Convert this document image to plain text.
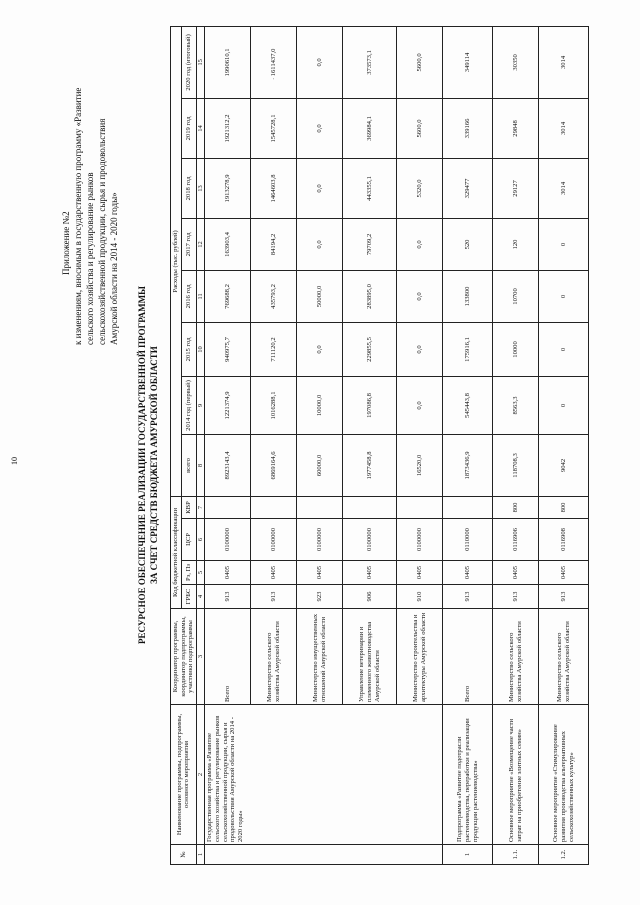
10
·
Приложение №2 к изменениям, вносимым в государственную программу «Развитие сельского хозяйства и регулирование рынков сельскохозяйственной продукции, сырья и продовольствия Амурской области на 2014 - 2020 годы»
РЕСУРСНОЕ ОБЕСПЕЧЕНИЕ РЕАЛИЗАЦИИ ГОСУДАРСТВЕННОЙ ПРОГРАММЫ ЗА СЧЕТ СРЕДСТВ БЮДЖЕТА АМУРСКОЙ ОБЛАСТИ
№	Наименование программы, подпрограммы, основного мероприятия	Координатор программы, координатор подпрограммы, участники подпрограммы	Код бюджетной классификации				Расходы (тыс. рублей)							
			ГРБС	Рз, Пз	ЦСР	КВР	всего	2014 год (первый)	2015 год	2016 год	2017 год	2018 год	2019 год	2020 год (итоговый)

1	2	3	4	5	6	7	8	9	10	11	12	13	14	15
	Государственная программа «Развитие сельского хозяйства и регулирование рынков сельскохозяйственной продукции, сырья и продовольствия Амурской области на 2014 - 2020 годы»	Всего	913	0405	0100000		8923143,4	1221374,9	940975,7	769688,2	163903,4	1913278,9	1921312,2	1990610,1
		Министерство сельского хозяйства Амурской области	913	0405	0100000		6869164,6	1016288,1	711120,2	435793,2	84194,2	1464603,8	1545728,1	1611437,0
		Министерство имущественных отношений Амурской области	923	0405	0100000		60000,0	10000,0	0,0	50000,0	0,0	0,0	0,0	0,0
		Управление ветеринарии и племенного животноводства Амурской области	906	0405	0100000		1977458,8	197086,8	229855,5	283895,0	79709,2	443355,1	369984,1	373573,1
		Министерство строительства и архитектуры Амурской области	910	0405	0100000		16520,0	0,0	0,0	0,0	0,0	5320,0	5600,0	5600,0
1	Подпрограмма «Развитие подотрасли растениеводства, переработки и реализации продукции растениеводства»	Всего	913	0405	0110000		1873436,9	545443,8	175916,1	133800	520	329477	339166	349114
1.1.	Основное мероприятие «Возмещение части затрат на приобретение элитных семян»	Министерство сельского хозяйства Амурской области	913	0405	0116906	800	118708,3	8563,3	10000	10700	120	29127	29848	30350
1.2.	Основное мероприятие «Стимулирование развития производства альтернативных сельскохозяйственных культур»	Министерство сельского хозяйства Амурской области	913	0405	0116908	800	9042	0	0	0	0	3014	3014	3014
